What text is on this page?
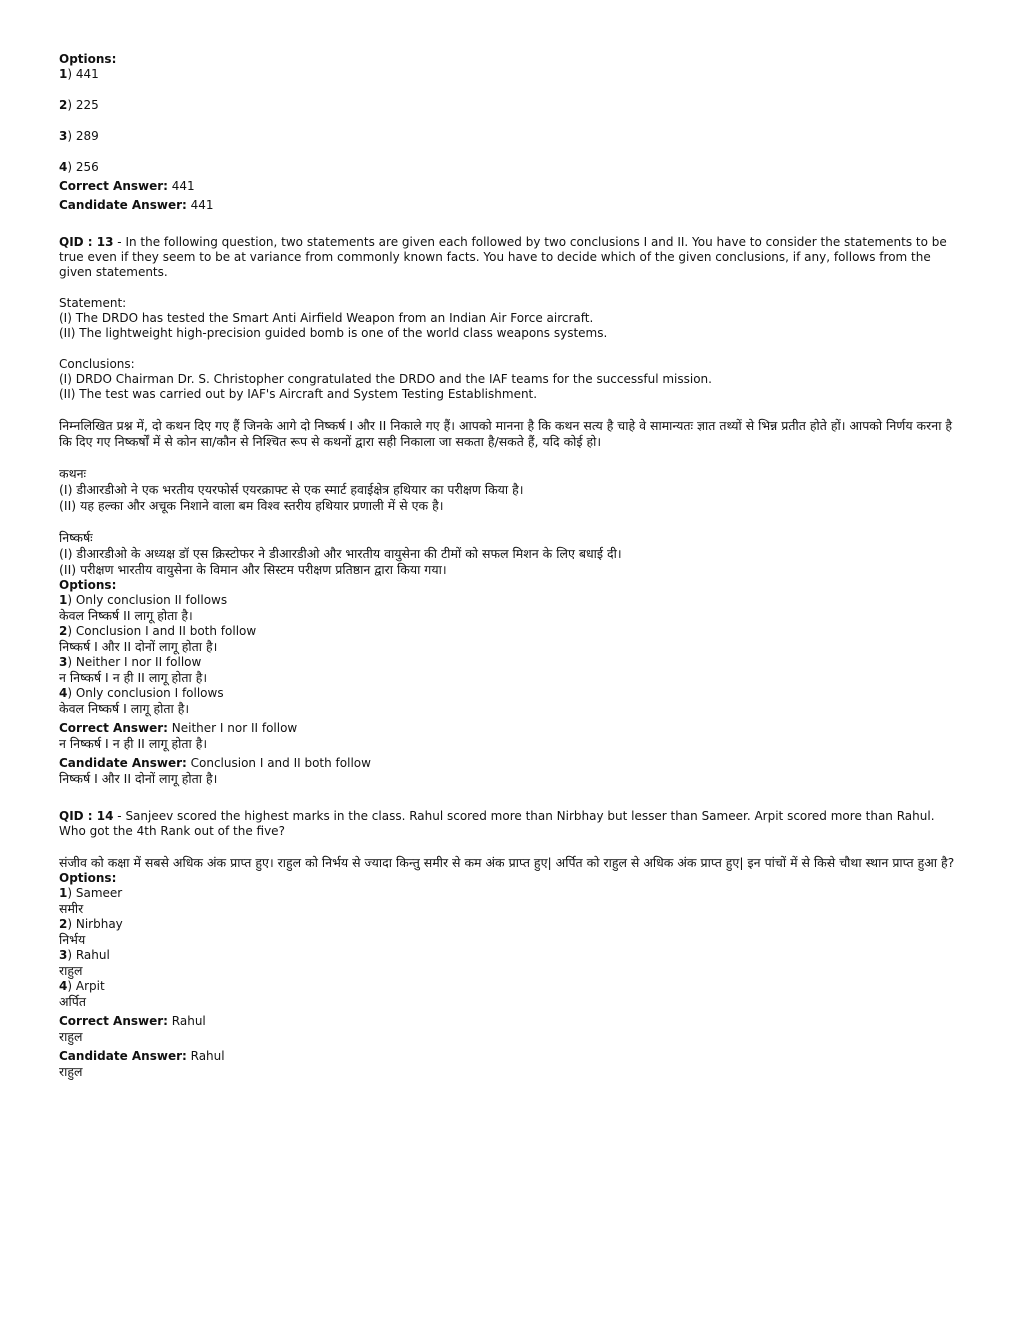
Options:
1) 441
2) 225
3) 289
4) 256
Correct Answer: 441
Candidate Answer: 441
QID : 13 - In the following question, two statements are given each followed by two conclusions I and II. You have to consider the statements to be true even if they seem to be at variance from commonly known facts. You have to decide which of the given conclusions, if any, follows from the given statements.
Statement:
(I) The DRDO has tested the Smart Anti Airfield Weapon from an Indian Air Force aircraft.
(II) The lightweight high-precision guided bomb is one of the world class weapons systems.
Conclusions:
(I) DRDO Chairman Dr. S. Christopher congratulated the DRDO and the IAF teams for the successful mission.
(II) The test was carried out by IAF's Aircraft and System Testing Establishment.
निम्नलिखित प्रश्न में, दो कथन दिए गए हैं जिनके आगे दो निष्कर्ष I और II निकाले गए हैं। आपको मानना है कि कथन सत्य है चाहे वे सामान्यतः ज्ञात तथ्यों से भिन्न प्रतीत होते हों। आपको निर्णय करना है कि दिए गए निष्कर्षों में से कोन सा/कौन से निश्चित रूप से कथनों द्वारा सही निकाला जा सकता है/सकते हैं, यदि कोई हो।
कथनः
(I) डीआरडीओ ने एक भरतीय एयरफोर्स एयरक्राफ्ट से एक स्मार्ट हवाईक्षेत्र हथियार का परीक्षण किया है।
(II) यह हल्का और अचूक निशाने वाला बम विश्व स्तरीय हथियार प्रणाली में से एक है।
निष्कर्षः
(I) डीआरडीओ के अध्यक्ष डॉ एस क्रिस्टोफर ने डीआरडीओ और भारतीय वायुसेना की टीमों को सफल मिशन के लिए बधाई दी।
(II) परीक्षण भारतीय वायुसेना के विमान और सिस्टम परीक्षण प्रतिष्ठान द्वारा किया गया।
Options:
1) Only conclusion II follows
केवल निष्कर्ष II लागू होता है।
2) Conclusion I and II both follow
निष्कर्ष I और II दोनों लागू होता है।
3) Neither I nor II follow
न निष्कर्ष I न ही II लागू होता है।
4) Only conclusion I follows
केवल निष्कर्ष I लागू होता है।
Correct Answer: Neither I nor II follow
न निष्कर्ष I न ही II लागू होता है।
Candidate Answer: Conclusion I and II both follow
निष्कर्ष I और II दोनों लागू होता है।
QID : 14 - Sanjeev scored the highest marks in the class. Rahul scored more than Nirbhay but lesser than Sameer. Arpit scored more than Rahul. Who got the 4th Rank out of the five?
संजीव को कक्षा में सबसे अधिक अंक प्राप्त हुए। राहुल को निर्भय से ज्यादा किन्तु समीर से कम अंक प्राप्त हुए| अर्पित को राहुल से अधिक अंक प्राप्त हुए| इन पांचों में से किसे चौथा स्थान प्राप्त हुआ है?
Options:
1) Sameer
समीर
2) Nirbhay
निर्भय
3) Rahul
राहुल
4) Arpit
अर्पित
Correct Answer: Rahul
राहुल
Candidate Answer: Rahul
राहुल
